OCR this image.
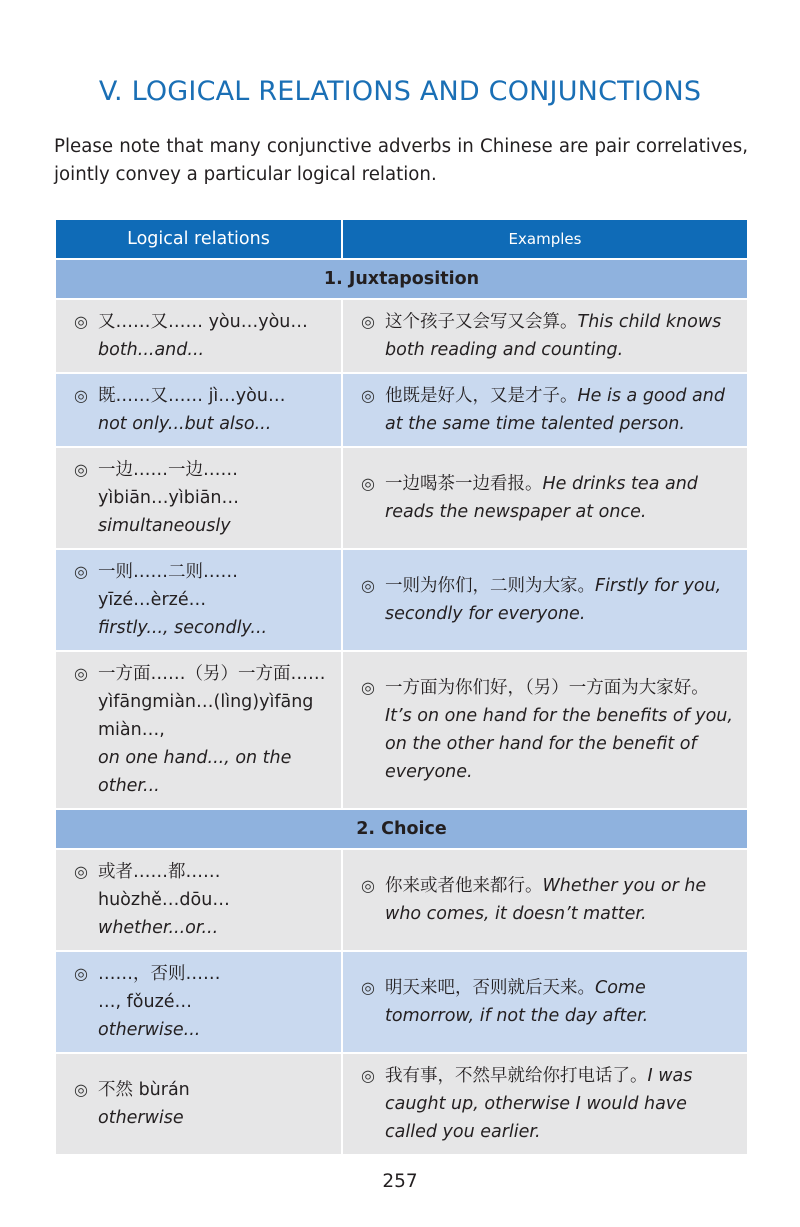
V. LOGICAL RELATIONS AND CONJUNCTIONS

Please note that many conjunctive adverbs in Chinese are pair correlatives, jointly convey a particular logical relation.

Logical relations	Examples
1. Juxtaposition	

◎ 又……又…… yòu…yòu…
both...and...	◎ 这个孩子又会写又会算。This child knows both reading and counting.

◎ 既……又…… jì…yòu…
not only...but also...	◎ 他既是好人，又是才子。He is a good and at the same time talented person.

◎ 一边……一边……
yìbiān…yìbiān…
simultaneously	◎ 一边喝茶一边看报。He drinks tea and reads the newspaper at once.

◎ 一则……二则……
yīzé…èrzé…
firstly..., secondly...	◎ 一则为你们，二则为大家。Firstly for you, secondly for everyone.

◎ 一方面……（另）一方面……
yìfāngmiàn…(lìng)yìfāng miàn…,
on one hand..., on the other...	◎ 一方面为你们好，（另）一方面为大家好。
It’s on one hand for the benefits of you, on the other hand for the benefit of everyone.

2. Choice	

◎ 或者……都……
huòzhě…dōu…
whether...or...	◎ 你来或者他来都行。Whether you or he who comes, it doesn’t matter.

◎ ……，否则……
…, fǒuzé…
otherwise...	◎ 明天来吧，否则就后天来。Come tomorrow, if not the day after.

◎ 不然 bùrán
otherwise	◎ 我有事，不然早就给你打电话了。I was caught up, otherwise I would have called you earlier.
257
